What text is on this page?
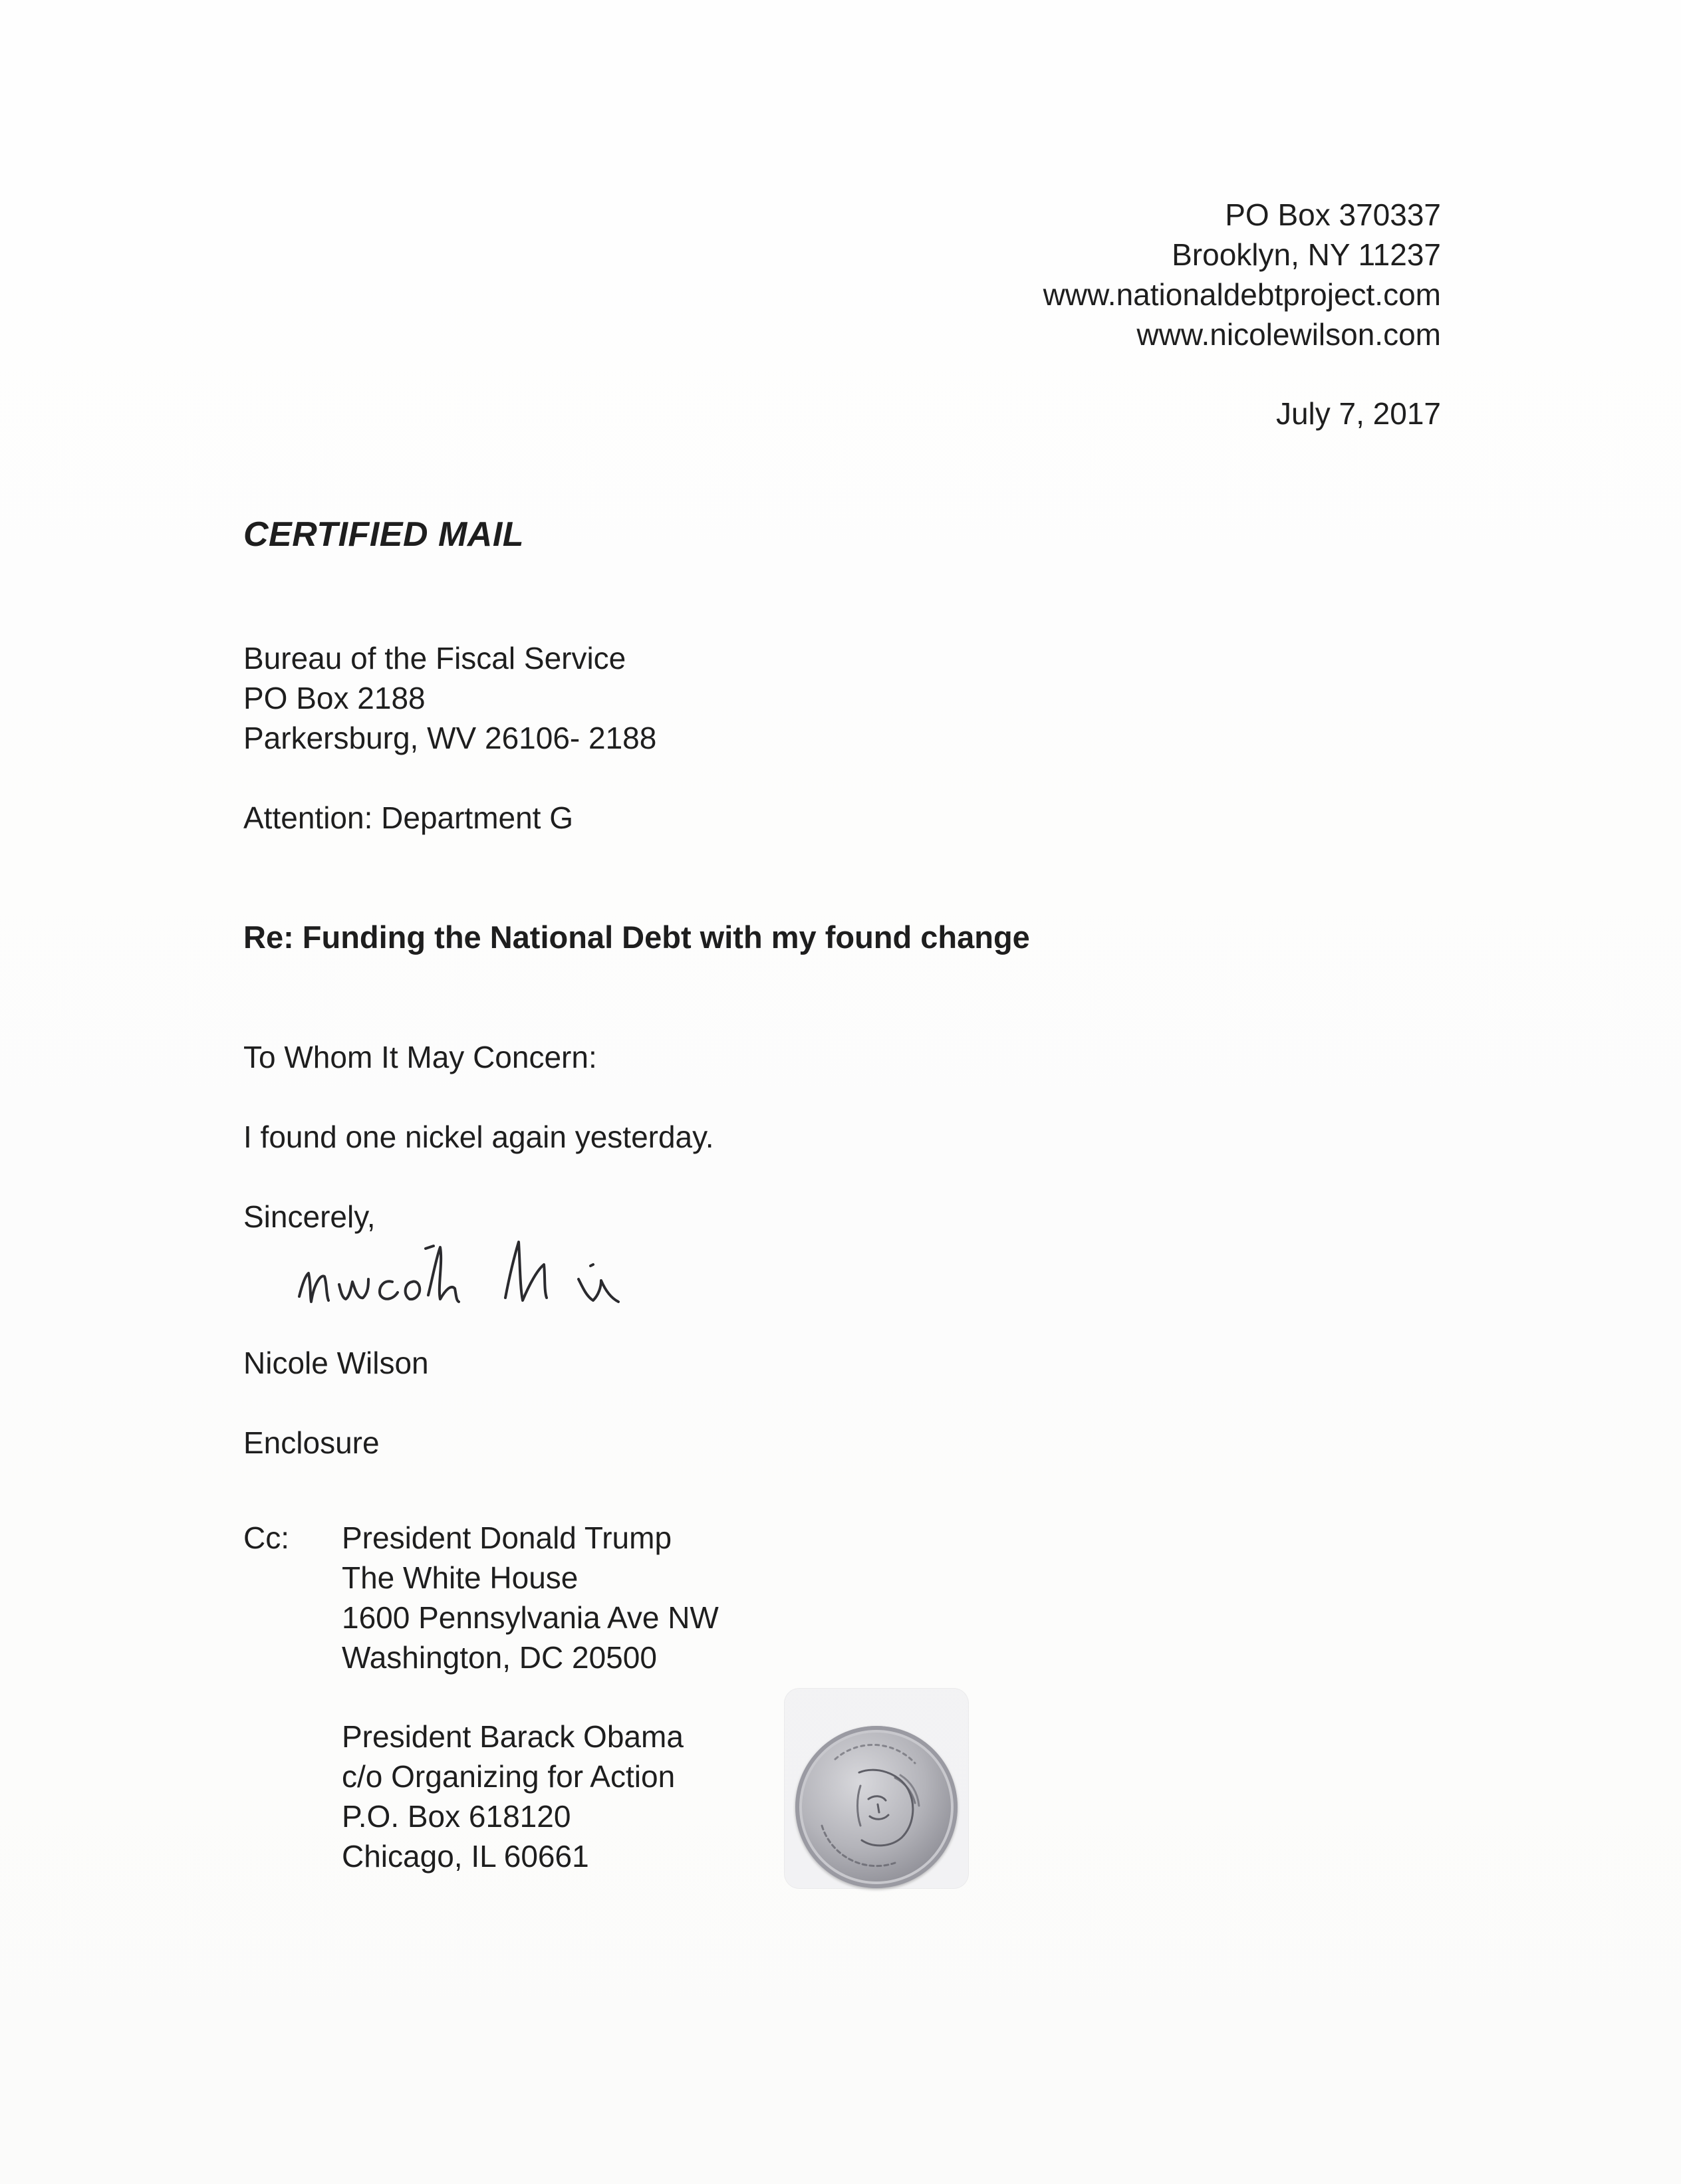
PO Box 370337
Brooklyn, NY 11237
www.nationaldebtproject.com
www.nicolewilson.com
July 7, 2017
CERTIFIED MAIL
Bureau of the Fiscal Service
PO Box 2188
Parkersburg, WV 26106- 2188
Attention: Department G
Re: Funding the National Debt with my found change
To Whom It May Concern:
I found one nickel again yesterday.
Sincerely,
Nicole Wilson
Enclosure
Cc: President Donald Trump
The White House
1600 Pennsylvania Ave NW
Washington, DC 20500
President Barack Obama
c/o Organizing for Action
P.O. Box 618120
Chicago, IL 60661
